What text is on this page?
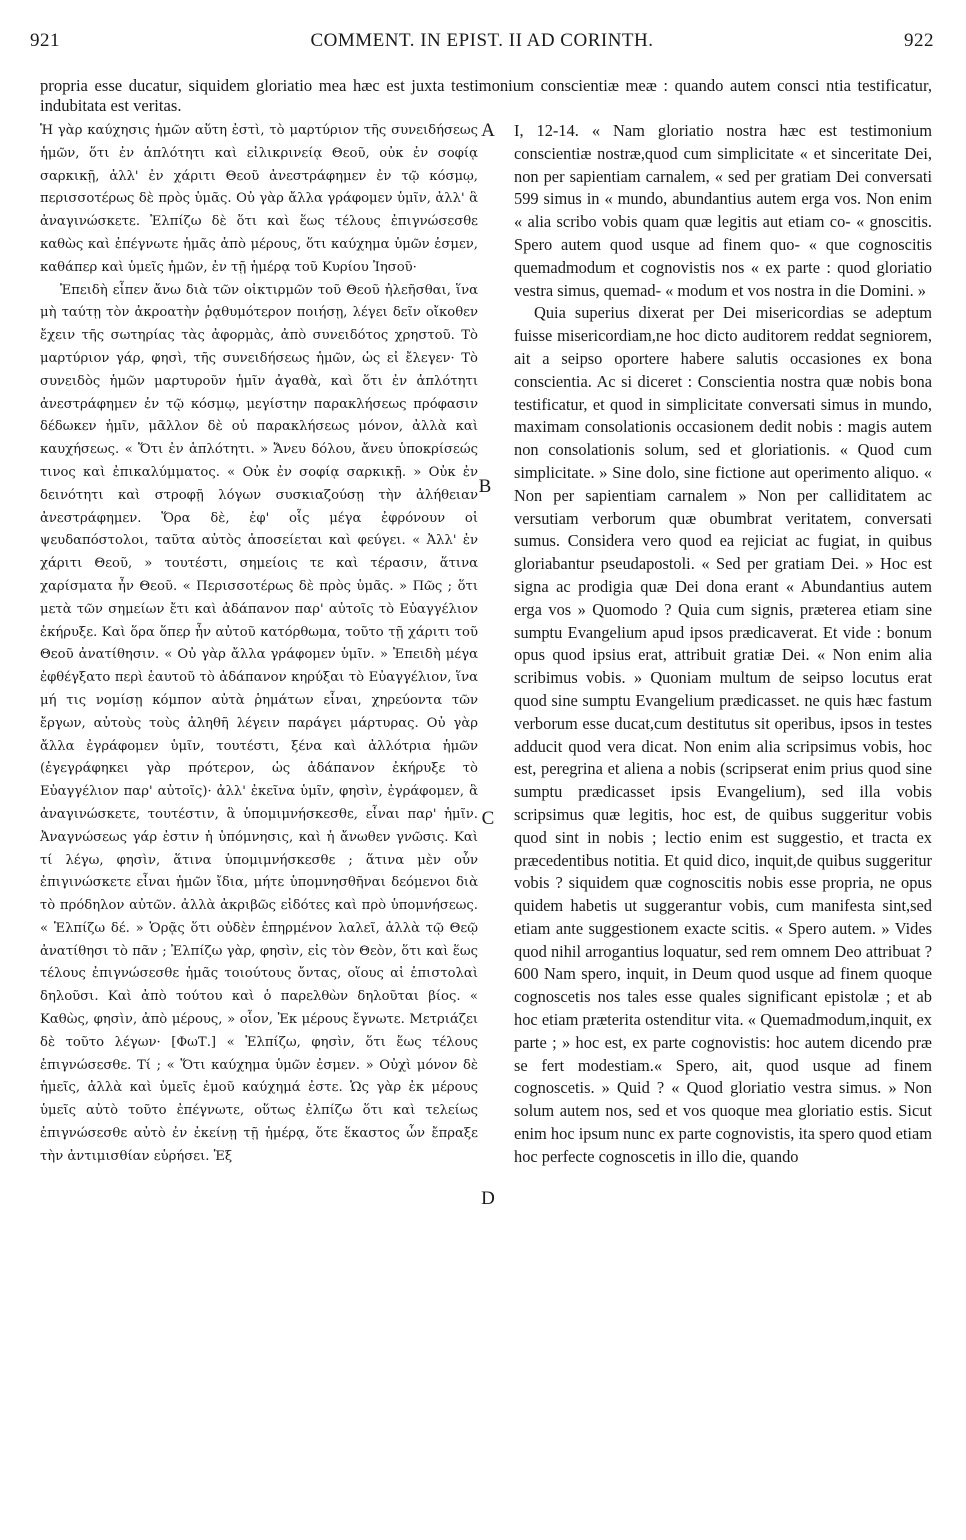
921	COMMENT. IN EPIST. II AD CORINTH.	922

propria esse ducatur, siquidem gloriatio mea hæc est juxta testimonium conscientiæ meæ : quando autem consci ntia testificatur, indubitata est veritas.

Ἡ γὰρ καύχησις ἡμῶν αὕτη ἐστὶ, τὸ μαρτύριον τῆς συνειδήσεως ἡμῶν, ὅτι ἐν ἁπλότητι καὶ εἰλικρινείᾳ Θεοῦ, οὐκ ἐν σοφίᾳ σαρκικῇ, ἀλλ' ἐν χάριτι Θεοῦ ἀνεστράφημεν ἐν τῷ κόσμῳ, περισσοτέρως δὲ πρὸς ὑμᾶς. Οὐ γὰρ ἄλλα γράφομεν ὑμῖν, ἀλλ' ἃ ἀναγινώσκετε. Ἐλπίζω δὲ ὅτι καὶ ἕως τέλους ἐπιγνώσεσθε καθὼς καὶ ἐπέγνωτε ἡμᾶς ἀπὸ μέρους, ὅτι καύχημα ὑμῶν ἐσμεν, καθάπερ καὶ ὑμεῖς ἡμῶν, ἐν τῇ ἡμέρᾳ τοῦ Κυρίου Ἰησοῦ·

Ἐπειδὴ εἶπεν ἄνω διὰ τῶν οἰκτιρμῶν τοῦ Θεοῦ ἠλεῆσθαι, ἵνα μὴ ταύτῃ τὸν ἀκροατὴν ῥᾳθυμότερον ποιήσῃ, λέγει δεῖν οἴκοθεν ἔχειν τῆς σωτηρίας τὰς ἀφορμὰς, ἀπὸ συνειδότος χρηστοῦ. Τὸ μαρτύριον γάρ, φησὶ, τῆς συνειδήσεως ἡμῶν, ὡς εἰ ἔλεγεν· Τὸ συνειδὸς ἡμῶν μαρτυροῦν ἡμῖν ἀγαθὰ, καὶ ὅτι ἐν ἁπλότητι ἀνεστράφημεν ἐν τῷ κόσμῳ, μεγίστην παρακλήσεως πρόφασιν δέδωκεν ἡμῖν, μᾶλλον δὲ οὐ παρακλήσεως μόνον, ἀλλὰ καὶ καυχήσεως. « Ὅτι ἐν ἁπλότητι. » Ἄνευ δόλου, ἄνευ ὑποκρίσεώς τινος καὶ ἐπικαλύμματος. « Οὐκ ἐν σοφίᾳ σαρκικῇ. » Οὐκ ἐν δεινότητι καὶ στροφῇ λόγων συσκιαζούσῃ τὴν ἀλήθειαν ἀνεστράφημεν. Ὅρα δὲ, ἐφ' οἷς μέγα ἐφρόνουν οἱ ψευδαπόστολοι, ταῦτα αὐτὸς ἀποσείεται καὶ φεύγει. « Ἀλλ' ἐν χάριτι Θεοῦ, » τουτέστι, σημείοις τε καὶ τέρασιν, ἅτινα χαρίσματα ἦν Θεοῦ. « Περισσοτέρως δὲ πρὸς ὑμᾶς. » Πῶς ; ὅτι μετὰ τῶν σημείων ἔτι καὶ ἀδάπανον παρ' αὐτοῖς τὸ Εὐαγγέλιον ἐκήρυξε. Καὶ ὅρα ὅπερ ἦν αὐτοῦ κατόρθωμα, τοῦτο τῇ χάριτι τοῦ Θεοῦ ἀνατίθησιν. « Οὐ γὰρ ἄλλα γράφομεν ὑμῖν. » Ἐπειδὴ μέγα ἐφθέγξατο περὶ ἑαυτοῦ τὸ ἀδάπανον κηρύξαι τὸ Εὐαγγέλιον, ἵνα μή τις νομίσῃ κόμπον αὐτὰ ῥημάτων εἶναι, χηρεύοντα τῶν ἔργων, αὐτοὺς τοὺς ἀληθῆ λέγειν παράγει μάρτυρας. Οὐ γὰρ ἄλλα ἐγράφομεν ὑμῖν, τουτέστι, ξένα καὶ ἀλλότρια ἡμῶν (ἐγεγράφηκει γὰρ πρότερον, ὡς ἀδάπανον ἐκήρυξε τὸ Εὐαγγέλιον παρ' αὐτοῖς)· ἀλλ' ἐκεῖνα ὑμῖν, φησὶν, ἐγράφομεν, ἃ ἀναγινώσκετε, τουτέστιν, ἃ ὑπομιμνήσκεσθε, εἶναι παρ' ἡμῖν. Ἀναγνώσεως γάρ ἐστιν ἡ ὑπόμνησις, καὶ ἡ ἄνωθεν γνῶσις. Καὶ τί λέγω, φησὶν, ἅτινα ὑπομιμνήσκεσθε ; ἅτινα μὲν οὖν ἐπιγινώσκετε εἶναι ἡμῶν ἴδια, μήτε ὑπομνησθῆναι δεόμενοι διὰ τὸ πρόδηλον αὐτῶν. ἀλλὰ ἀκριβῶς εἰδότες καὶ πρὸ ὑπομνήσεως. « Ἐλπίζω δέ. » Ὁρᾷς ὅτι οὐδὲν ἐπηρμένον λαλεῖ, ἀλλὰ τῷ Θεῷ ἀνατίθησι τὸ πᾶν ; Ἐλπίζω γὰρ, φησὶν, εἰς τὸν Θεὸν, ὅτι καὶ ἕως τέλους ἐπιγνώσεσθε ἡμᾶς τοιούτους ὄντας, οἵους αἱ ἐπιστολαὶ δηλοῦσι. Καὶ ἀπὸ τούτου καὶ ὁ παρελθὼν δηλοῦται βίος. « Καθὼς, φησὶν, ἀπὸ μέρους, » οἷον, Ἐκ μέρους ἔγνωτε. Μετριάζει δὲ τοῦτο λέγων· [ΦωΤ.] « Ἐλπίζω, φησὶν, ὅτι ἕως τέλους ἐπιγνώσεσθε. Τί ; « Ὅτι καύχημα ὑμῶν ἐσμεν. » Οὐχὶ μόνον δὲ ἡμεῖς, ἀλλὰ καὶ ὑμεῖς ἐμοῦ καύχημά ἐστε. Ὡς γὰρ ἐκ μέρους ὑμεῖς αὐτὸ τοῦτο ἐπέγνωτε, οὕτως ἐλπίζω ὅτι καὶ τελείως ἐπιγνώσεσθε αὐτὸ ἐν ἐκείνῃ τῇ ἡμέρᾳ, ὅτε ἕκαστος ὧν ἔπραξε τὴν ἀντιμισθίαν εὑρήσει. Ἐξ

A
B
C
D

I, 12-14. « Nam gloriatio nostra hæc est testimonium conscientiæ nostræ,quod cum simplicitate « et sinceritate Dei, non per sapientiam carnalem, « sed per gratiam Dei conversati 599 simus in « mundo, abundantius autem erga vos. Non enim « alia scribo vobis quam quæ legitis aut etiam co- « gnoscitis. Spero autem quod usque ad finem quo- « que cognoscitis quemadmodum et cognovistis nos « ex parte : quod gloriatio vestra simus, quemad- « modum et vos nostra in die Domini. »

Quia superius dixerat per Dei misericordias se adeptum fuisse misericordiam,ne hoc dicto auditorem reddat segniorem, ait a seipso oportere habere salutis occasiones ex bona conscientia. Ac si diceret : Conscientia nostra quæ nobis bona testificatur, et quod in simplicitate conversati simus in mundo, maximam consolationis occasionem dedit nobis : magis autem non consolationis solum, sed et gloriationis. « Quod cum simplicitate. » Sine dolo, sine fictione aut operimento aliquo. « Non per sapientiam carnalem » Non per calliditatem ac versutiam verborum quæ obumbrat veritatem, conversati sumus. Considera vero quod ea rejiciat ac fugiat, in quibus gloriabantur pseudapostoli. « Sed per gratiam Dei. » Hoc est signa ac prodigia quæ Dei dona erant « Abundantius autem erga vos » Quomodo ? Quia cum signis, præterea etiam sine sumptu Evangelium apud ipsos prædicaverat. Et vide : bonum opus quod ipsius erat, attribuit gratiæ Dei. « Non enim alia scribimus vobis. » Quoniam multum de seipso locutus erat quod sine sumptu Evangelium prædicasset. ne quis hæc fastum verborum esse ducat,cum destitutus sit operibus, ipsos in testes adducit quod vera dicat. Non enim alia scripsimus vobis, hoc est, peregrina et aliena a nobis (scripserat enim prius quod sine sumptu prædicasset ipsis Evangelium), sed illa vobis scripsimus quæ legitis, hoc est, de quibus suggeritur vobis quod sint in nobis ; lectio enim est suggestio, et tracta ex præcedentibus notitia. Et quid dico, inquit,de quibus suggeritur vobis ? siquidem quæ cognoscitis nobis esse propria, ne opus quidem habetis ut suggerantur vobis, cum manifesta sint,sed etiam ante suggestionem exacte scitis. « Spero autem. » Vides quod nihil arrogantius loquatur, sed rem omnem Deo attribuat ? 600 Nam spero, inquit, in Deum quod usque ad finem quoque cognoscetis nos tales esse quales significant epistolæ ; et ab hoc etiam præterita ostenditur vita. « Quemadmodum,inquit, ex parte ; » hoc est, ex parte cognovistis: hoc autem dicendo præ se fert modestiam.« Spero, ait, quod usque ad finem cognoscetis. » Quid ? « Quod gloriatio vestra simus. » Non solum autem nos, sed et vos quoque mea gloriatio estis. Sicut enim hoc ipsum nunc ex parte cognovistis, ita spero quod etiam hoc perfecte cognoscetis in illo die, quando
